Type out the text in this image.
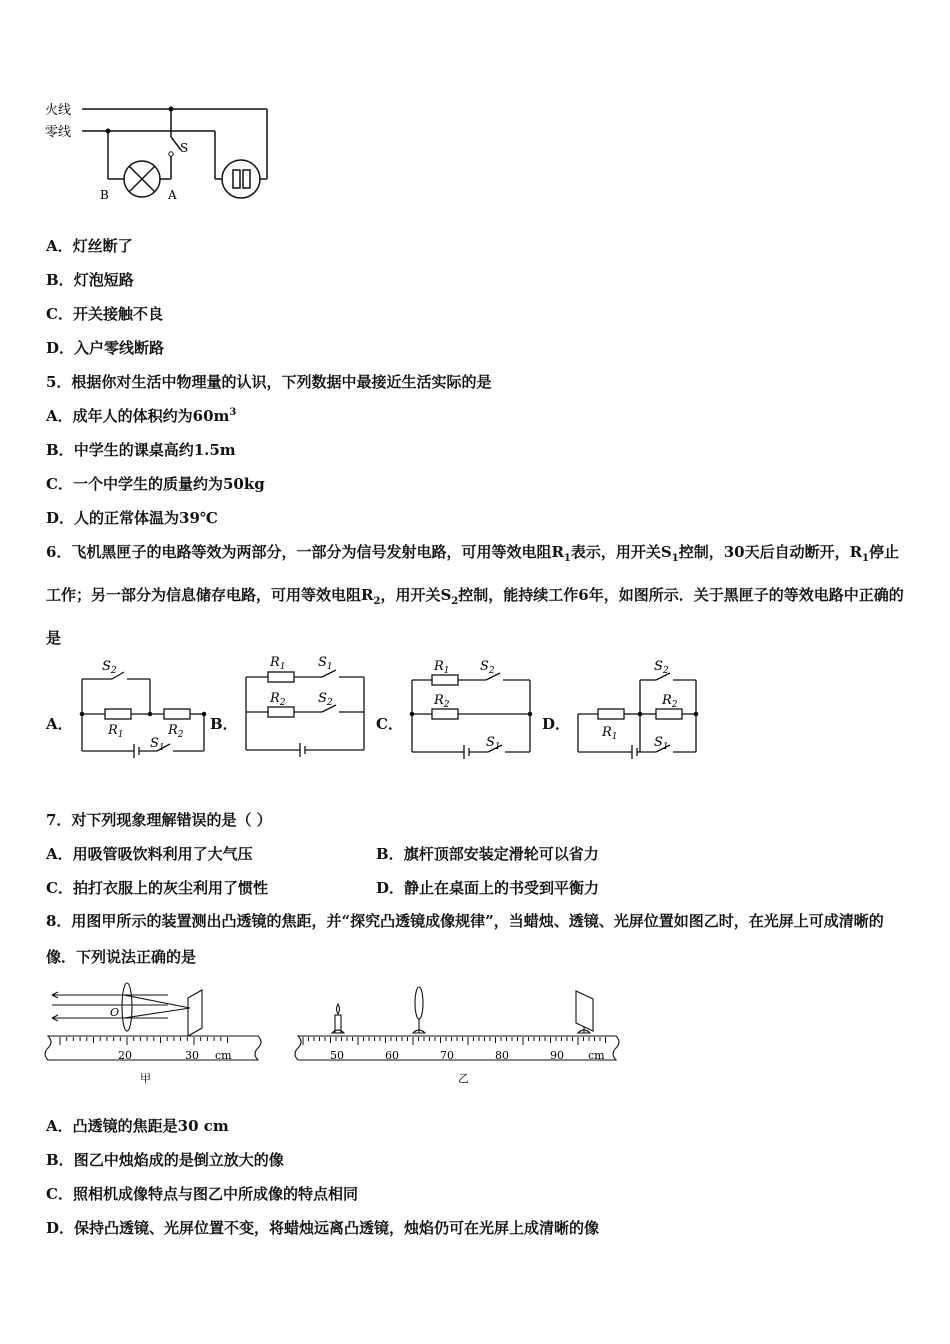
火线
零线
S
B	A
A．灯丝断了
B．灯泡短路
C．开关接触不良
D．入户零线断路
5．根据你对生活中物理量的认识，下列数据中最接近生活实际的是
A．成年人的体积约为$60m^3$
B．中学生的课桌高约1.5m
C．一个中学生的质量约为50kg
D．人的正常体温为39℃
6．飞机黑匣子的电路等效为两部分，一部分为信号发射电路，可用等效电阻$R_1$表示，用开关$S_1$控制，30天后自动断开，$R_1$停止工作；另一部分为信息储存电路，可用等效电阻$R_2$，用开关$S_2$控制，能持续工作6年，如图所示．关于黑匣子的等效电路中正确的是
A．
$S_2$
$R_1$	$R_2$
$S_1$
B．
$R_1$ $S_1$
$R_2$ $S_2$
C．
$R_1$ $S_2$
$R_2$
$S_1$
D．
$S_2$
$R_2$
$R_1$	$S_1$
7．对下列现象理解错误的是（ ）
A．用吸管吸饮料利用了大气压	B．旗杆顶部安装定滑轮可以省力
C．拍打衣服上的灰尘利用了惯性	D．静止在桌面上的书受到平衡力
8．用图甲所示的装置测出凸透镜的焦距，并“探究凸透镜成像规律”，当蜡烛、透镜、光屏位置如图乙时，在光屏上可成清晰的像．下列说法正确的是
O
20	30 cm
甲
50	60	70	80	90 cm
乙
A．凸透镜的焦距是30 cm
B．图乙中烛焰成的是倒立放大的像
C．照相机成像特点与图乙中所成像的特点相同
D．保持凸透镜、光屏位置不变，将蜡烛远离凸透镜，烛焰仍可在光屏上成清晰的像
